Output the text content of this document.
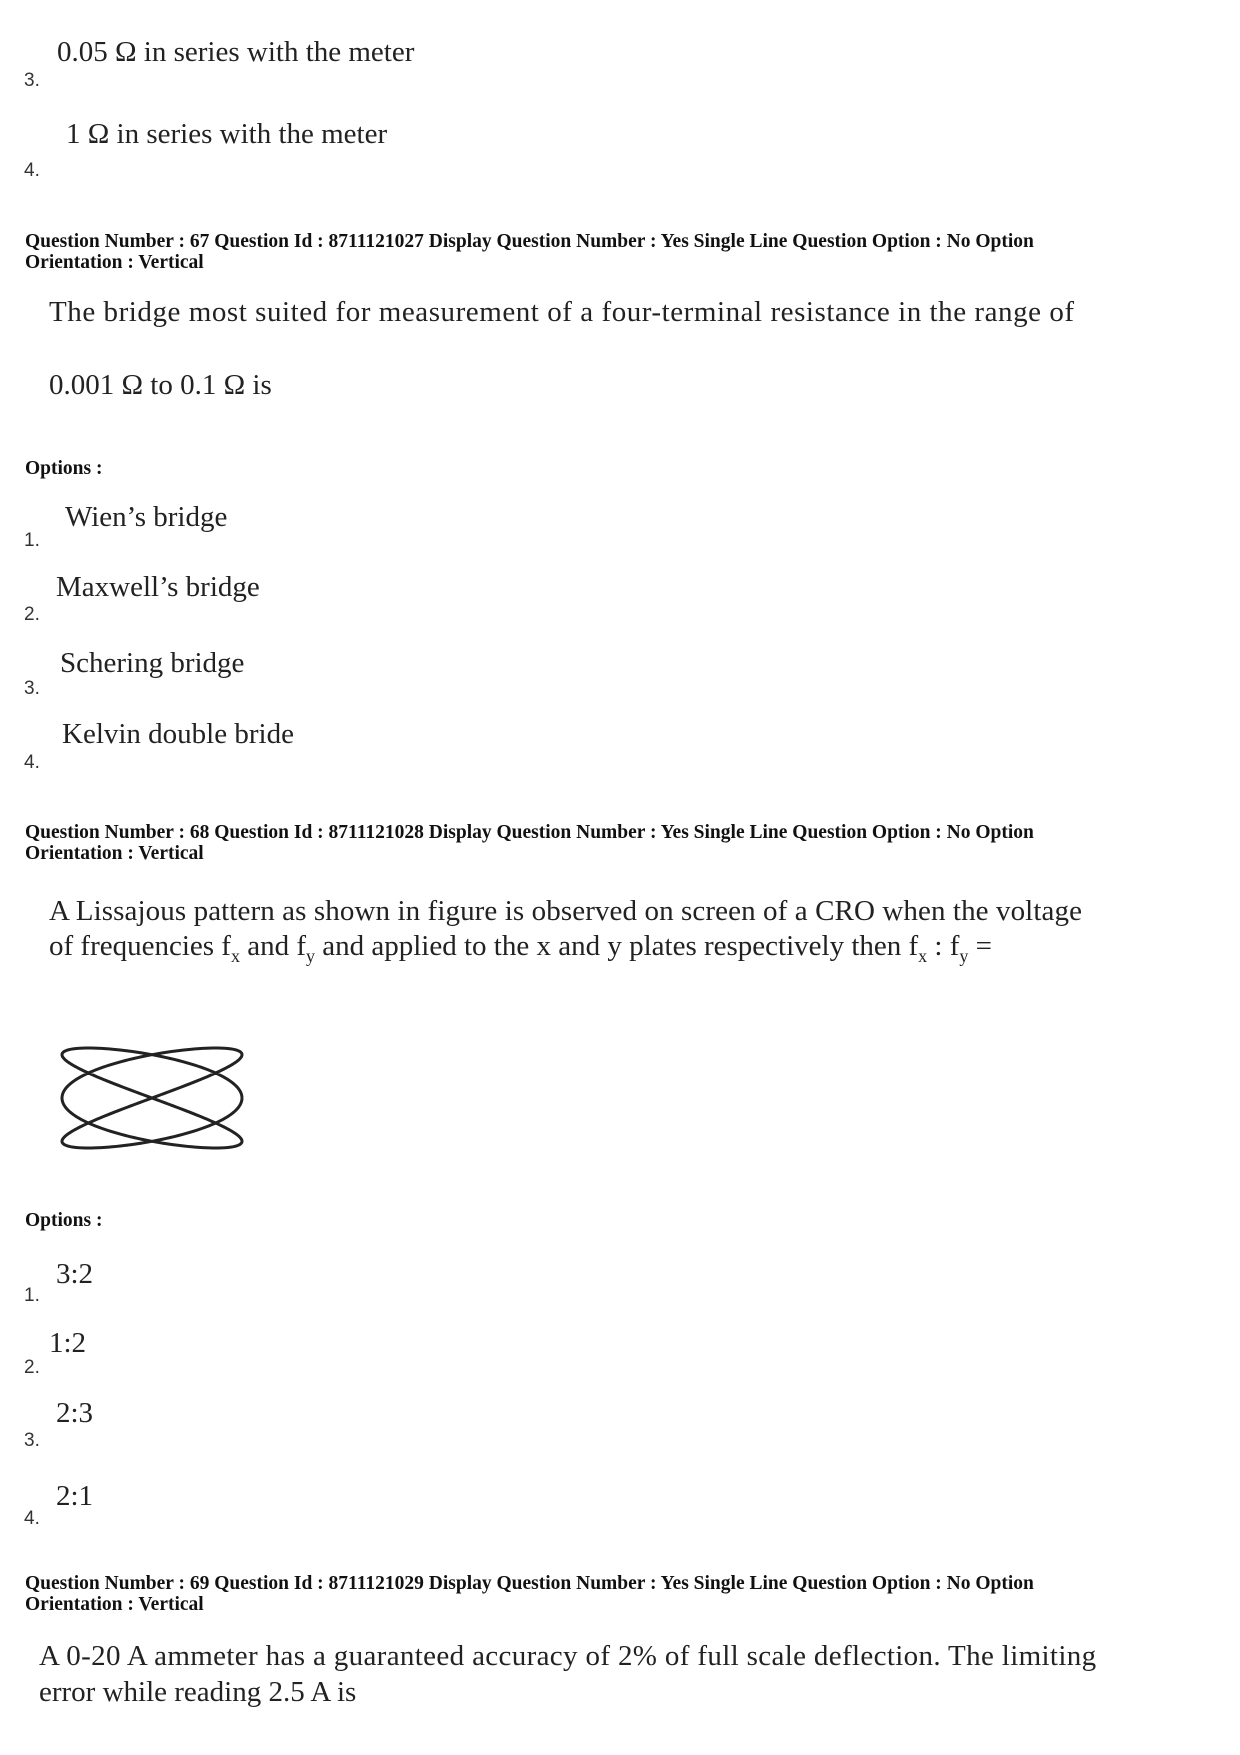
0.05 Ω in series with the meter
3.
1 Ω in series with the meter
4.
Question Number : 67 Question Id : 8711121027 Display Question Number : Yes Single Line Question Option : No Option
Orientation : Vertical
The bridge most suited for measurement of a four-terminal resistance in the range of
0.001 Ω to 0.1 Ω is
Options :
Wien’s bridge
1.
Maxwell’s bridge
2.
Schering bridge
3.
Kelvin double bride
4.
Question Number : 68 Question Id : 8711121028 Display Question Number : Yes Single Line Question Option : No Option
Orientation : Vertical
A Lissajous pattern as shown in figure is observed on screen of a CRO when the voltage
of frequencies $f_x$ and $f_y$ and applied to the x and y plates respectively then $f_x$ : $f_y$ =
Options :
3:2
1.
1:2
2.
2:3
3.
2:1
4.
Question Number : 69 Question Id : 8711121029 Display Question Number : Yes Single Line Question Option : No Option
Orientation : Vertical
A 0-20 A ammeter has a guaranteed accuracy of 2% of full scale deflection. The limiting
error while reading 2.5 A is
